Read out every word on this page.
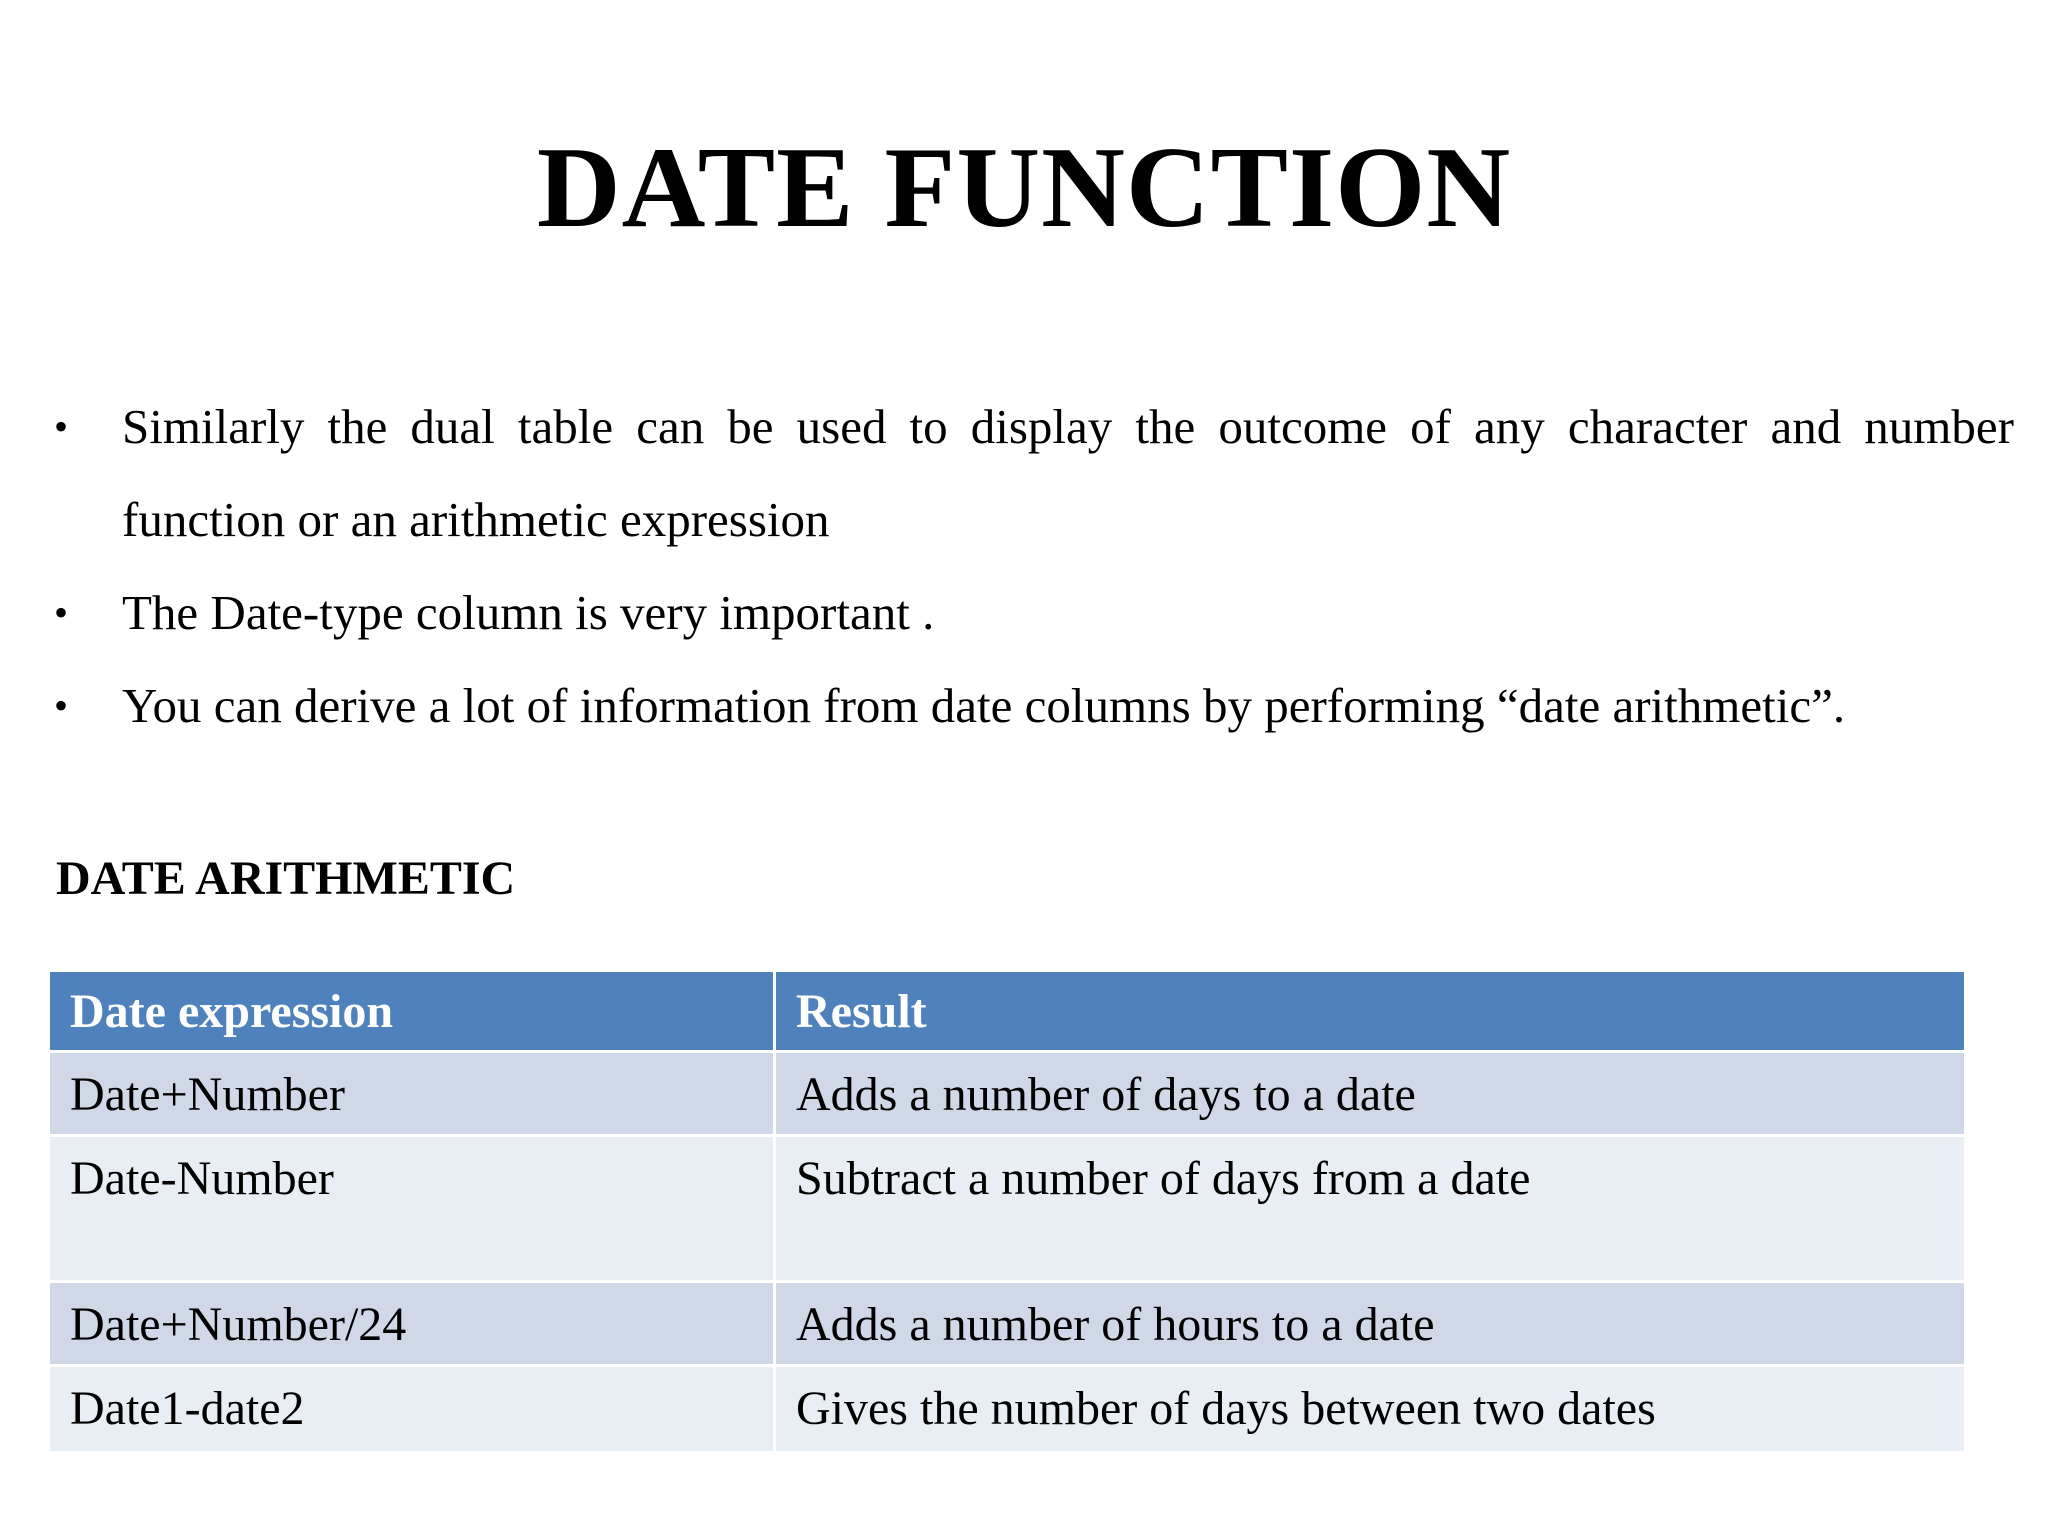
DATE FUNCTION
• Similarly the dual table can be used to display the outcome of any character and number function or an arithmetic expression
• The Date-type column is very important .
• You can derive a lot of information from date columns by performing “date arithmetic”.
DATE ARITHMETIC
Date expression	Result
Date+Number	Adds a number of days to a date
Date-Number	Subtract a number of days from a date
Date+Number/24	Adds a number of hours to a date
Date1-date2	Gives the number of days between two dates
